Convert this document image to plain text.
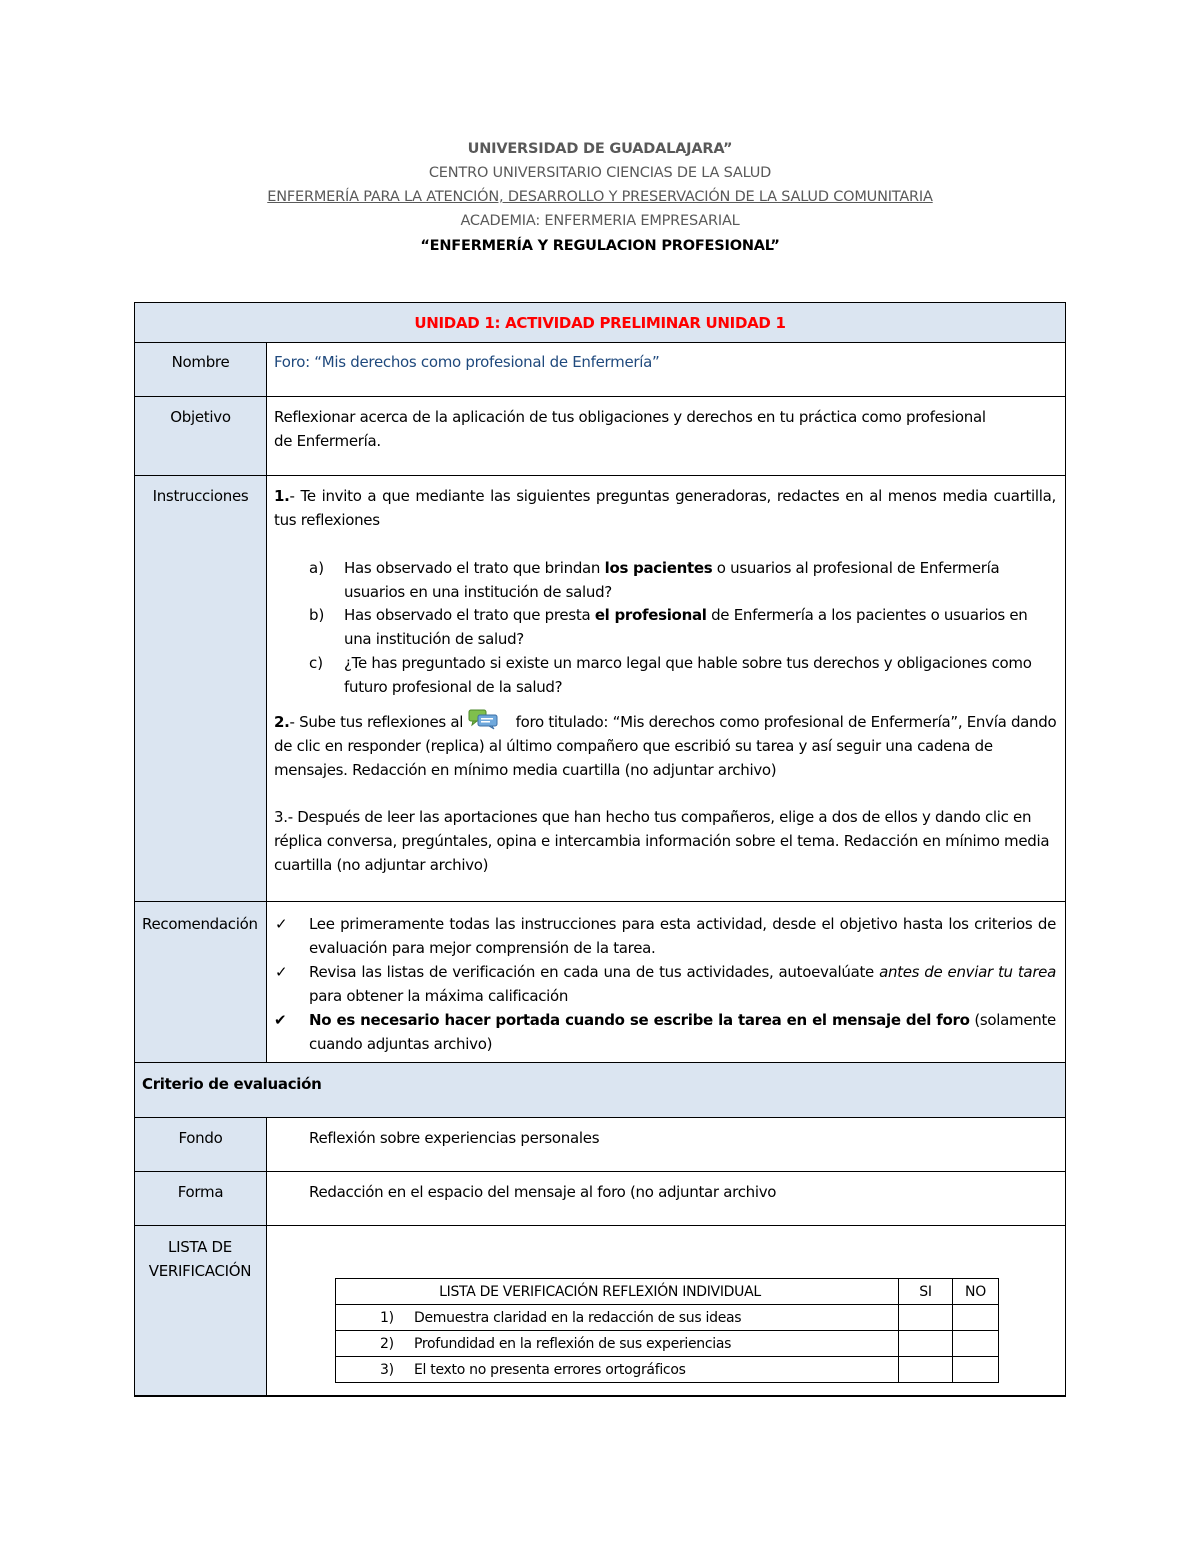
UNIVERSIDAD DE GUADALAJARA”
CENTRO UNIVERSITARIO CIENCIAS DE LA SALUD
ENFERMERÍA PARA LA ATENCIÓN, DESARROLLO Y PRESERVACIÓN DE LA SALUD COMUNITARIA
ACADEMIA: ENFERMERIA EMPRESARIAL
“ENFERMERÍA Y REGULACION PROFESIONAL”
UNIDAD 1: ACTIVIDAD PRELIMINAR UNIDAD 1
Nombre	Foro: “Mis derechos como profesional de Enfermería”
Objetivo	Reflexionar acerca de la aplicación de tus obligaciones y derechos en tu práctica como profesional de Enfermería.
Instrucciones	1.- Te invito a que mediante las siguientes preguntas generadoras, redactes en al menos media cuartilla, tus reflexiones
a) Has observado el trato que brindan los pacientes o usuarios al profesional de Enfermería usuarios en una institución de salud?
b) Has observado el trato que presta el profesional de Enfermería a los pacientes o usuarios en una institución de salud?
c) ¿Te has preguntado si existe un marco legal que hable sobre tus derechos y obligaciones como futuro profesional de la salud?
2.- Sube tus reflexiones al	foro titulado: “Mis derechos como profesional de Enfermería”, Envía dando de clic en responder (replica) al último compañero que escribió su tarea y así seguir una cadena de mensajes. Redacción en mínimo media cuartilla (no adjuntar archivo)
3.- Después de leer las aportaciones que han hecho tus compañeros, elige a dos de ellos y dando clic en réplica conversa, pregúntales, opina e intercambia información sobre el tema. Redacción en mínimo media cuartilla (no adjuntar archivo)
Recomendación ✓ Lee primeramente todas las instrucciones para esta actividad, desde el objetivo hasta los criterios de evaluación para mejor comprensión de la tarea.
✓ Revisa las listas de verificación en cada una de tus actividades, autoevalúate antes de enviar tu tarea para obtener la máxima calificación
✔ No es necesario hacer portada cuando se escribe la tarea en el mensaje del foro (solamente cuando adjuntas archivo)
Criterio de evaluación
Fondo	Reflexión sobre experiencias personales
Forma	Redacción en el espacio del mensaje al foro (no adjuntar archivo
LISTA DE VERIFICACIÓN
LISTA DE VERIFICACIÓN REFLEXIÓN INDIVIDUAL	SI	NO
1) Demuestra claridad en la redacción de sus ideas		
2) Profundidad en la reflexión de sus experiencias		
3) El texto no presenta errores ortográficos		
